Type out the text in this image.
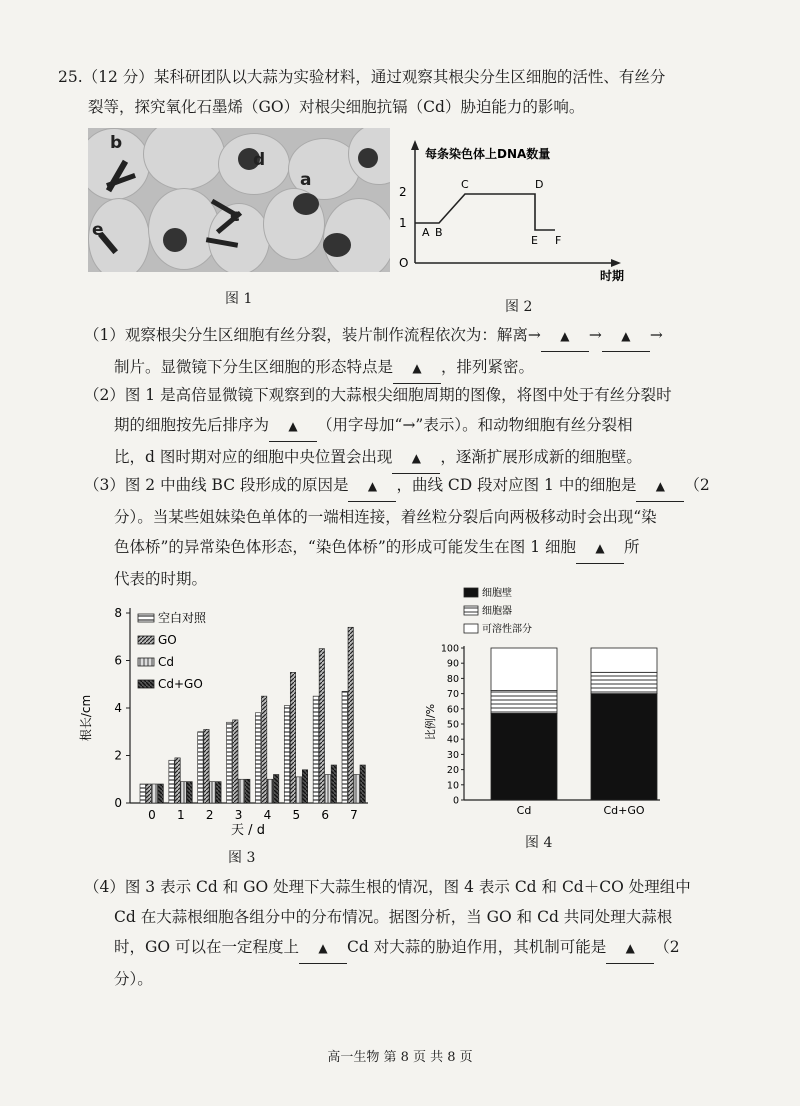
25.（12 分）某科研团队以大蒜为实验材料，通过观察其根尖分生区细胞的活性、有丝分
裂等，探究氧化石墨烯（GO）对根尖细胞抗镉（Cd）胁迫能力的影响。
b
d
a
c
e
图 1
每条染色体上DNA数量
时期
2
1
O
A B
C	D
E F
图 2
（1）观察根尖分生区细胞有丝分裂，装片制作流程依次为：解离→ ▲ → ▲ →
制片。显微镜下分生区细胞的形态特点是 ▲ ，排列紧密。
（2）图 1 是高倍显微镜下观察到的大蒜根尖细胞周期的图像，将图中处于有丝分裂时
期的细胞按先后排序为 ▲ （用字母加“→”表示）。和动物细胞有丝分裂相
比，d 图时期对应的细胞中央位置会出现 ▲ ，逐渐扩展形成新的细胞壁。
（3）图 2 中曲线 BC 段形成的原因是 ▲ ，曲线 CD 段对应图 1 中的细胞是 ▲ （2
分）。当某些姐妹染色单体的一端相连接，着丝粒分裂后向两极移动时会出现“染
色体桥”的异常染色体形态，“染色体桥”的形成可能发生在图 1 细胞 ▲ 所
代表的时期。
0
2
4
6
8
0 1 2 3 4 5 6 7
根长/cm
天 / d
空白对照
GO
Cd
Cd+GO
图 3
细胞壁
细胞器
可溶性部分
0
10
20
30
40
50
60
70
80
90
100
Cd	Cd+GO
比例/%
图 4
（4）图 3 表示 Cd 和 GO 处理下大蒜生根的情况，图 4 表示 Cd 和 Cd＋CO 处理组中
Cd 在大蒜根细胞各组分中的分布情况。据图分析，当 GO 和 Cd 共同处理大蒜根
时，GO 可以在一定程度上 ▲ Cd 对大蒜的胁迫作用，其机制可能是 ▲ （2
分）。
高一生物 第 8 页 共 8 页
